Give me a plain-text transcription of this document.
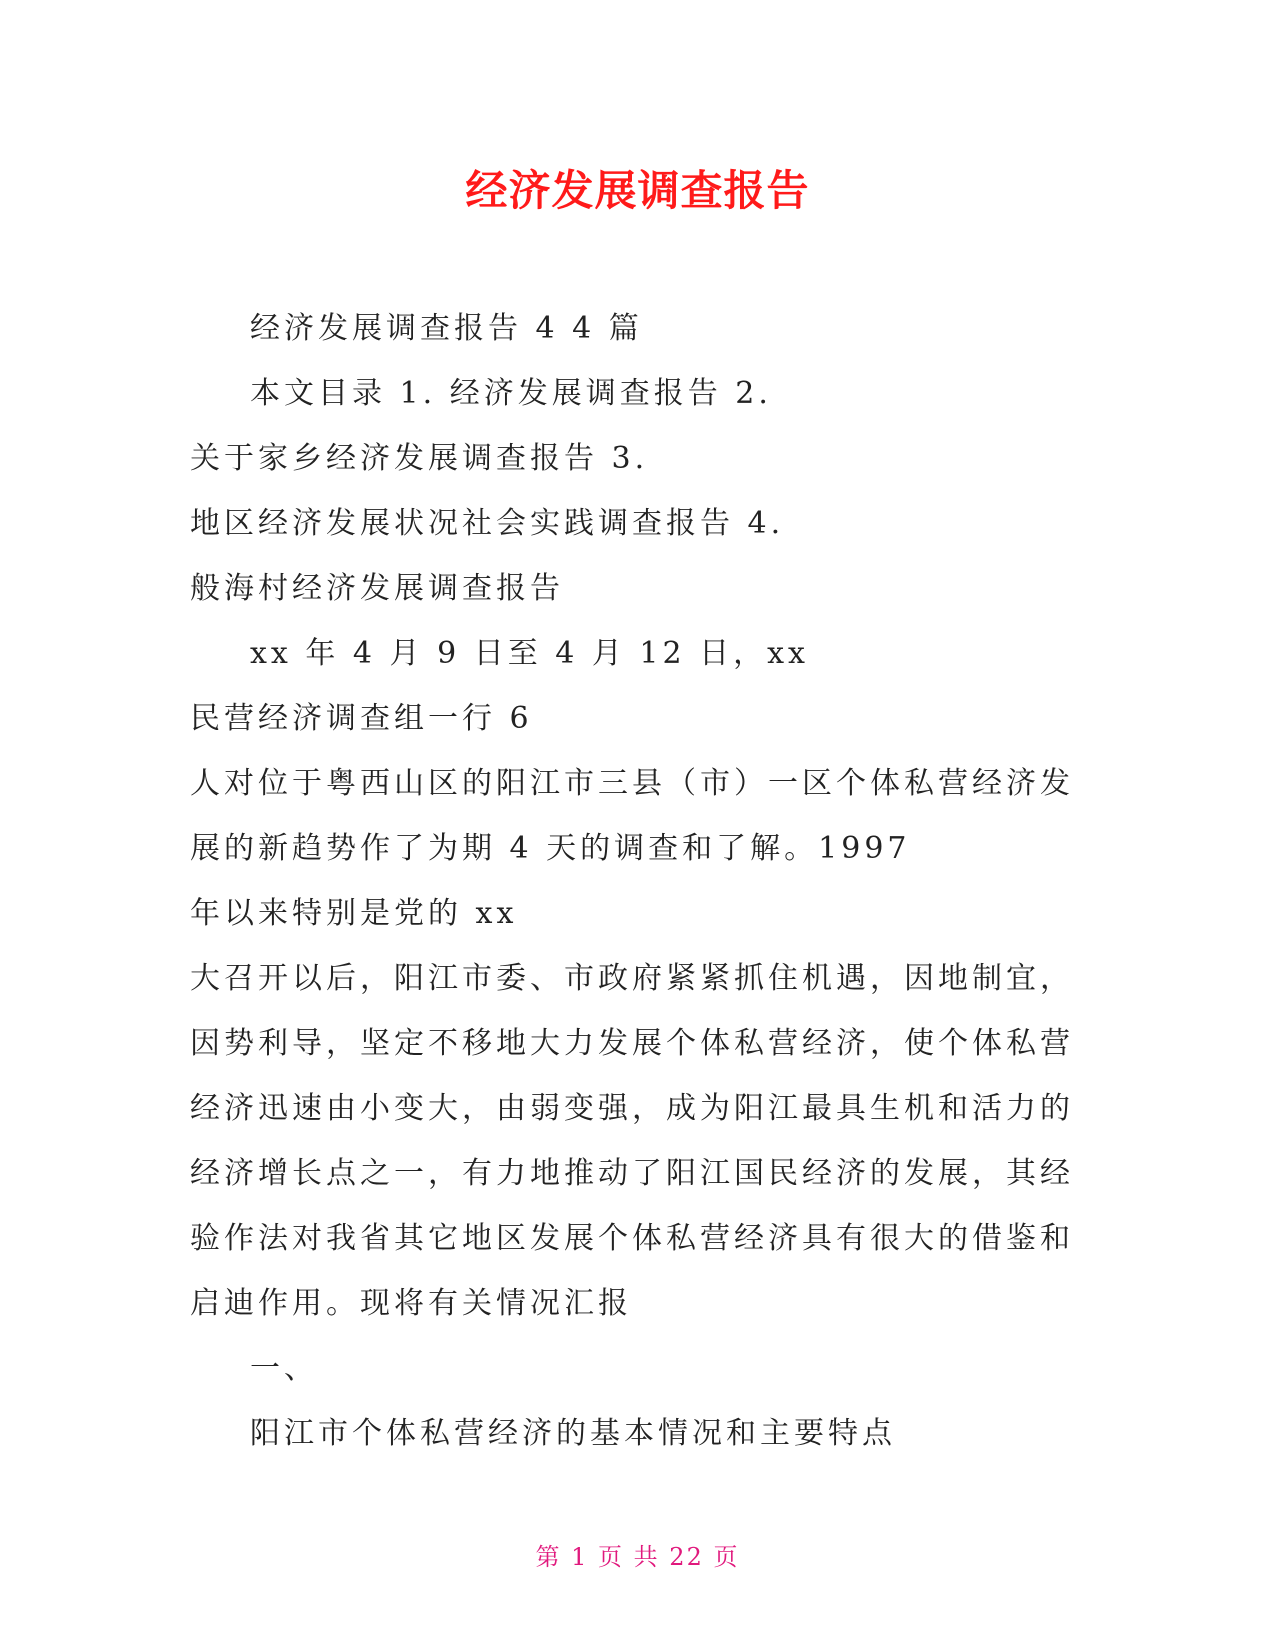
经济发展调查报告

经济发展调查报告 4 4 篇

本文目录 1. 经济发展调查报告 2.

关于家乡经济发展调查报告 3.

地区经济发展状况社会实践调查报告 4.

般海村经济发展调查报告

xx 年 4 月 9 日至 4 月 12 日，xx

民营经济调查组一行 6

人对位于粤西山区的阳江市三县（市）一区个体私营经济发展的新趋势作了为期 4 天的调查和了解。1997

年以来特别是党的 xx

大召开以后，阳江市委、市政府紧紧抓住机遇，因地制宜，因势利导，坚定不移地大力发展个体私营经济，使个体私营经济迅速由小变大，由弱变强，成为阳江最具生机和活力的经济增长点之一，有力地推动了阳江国民经济的发展，其经验作法对我省其它地区发展个体私营经济具有很大的借鉴和启迪作用。现将有关情况汇报

一、

阳江市个体私营经济的基本情况和主要特点

第 1 页 共 22 页
